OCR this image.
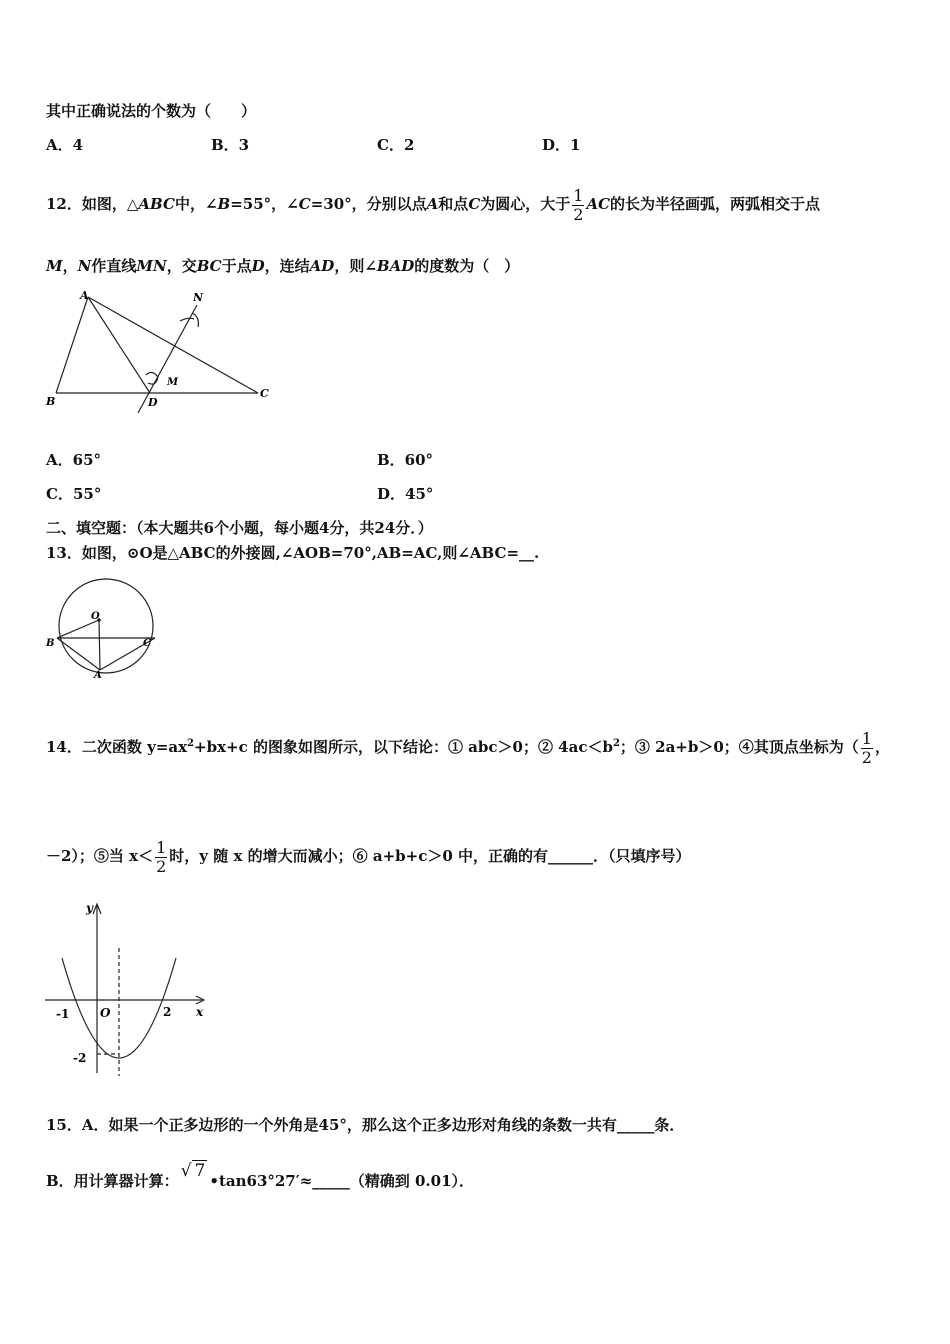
其中正确说法的个数为（　　）
A．4	B．3	C．2	D．1
12．如图，△ABC中，∠B=55°，∠C=30°，分别以点A和点C为圆心，大于 $\frac{1}{2}$ AC的长为半径画弧，两弧相交于点
M，N作直线MN，交BC于点D，连结AD，则∠BAD的度数为（　）
A
B
C
D
M
N
A．65°	B．60°
C．55°	D．45°
二、填空题：（本大题共6个小题，每小题4分，共24分．）
13．如图，⊙O是△ABC的外接圆,∠AOB=70°,AB=AC,则∠ABC=__.
O
B	C
A
14．二次函数 $y=ax^2+bx+c$ 的图象如图所示，以下结论：① abc＞0；② $4ac<b^2$；③ 2a+b＞0；④其顶点坐标为（ $\frac{1}{2}$ ，
－2）；⑤当 $x< \frac{1}{2}$ 时，y 随 x 的增大而减小；⑥ a+b+c＞0 中，正确的有______．（只填序号）
y
x
O
-1	2
-2
15．A．如果一个正多边形的一个外角是45°，那么这个正多边形对角线的条数一共有_____条．
B．用计算器计算： √ 7 •tan63°27′≈_____（精确到 0.01）．
